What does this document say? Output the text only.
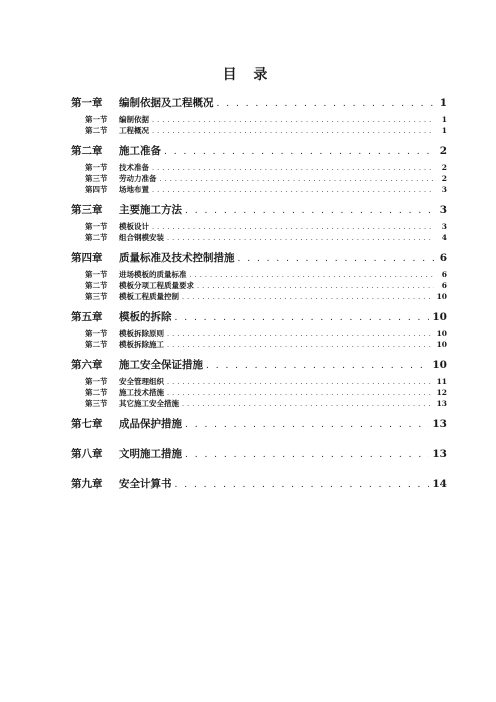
目 录
第一章	编制依据及工程概况 . . .	1
第一节	编制依据 . . .	1
第二节	工程概况 . . .	1
第二章	施工准备 . . .	2
第一节	技术准备 . . .	2
第三节	劳动力准备 . . .	2
第四节	场地布置 . . .	3
第三章	主要施工方法 . . .	3
第一节	模板设计 . . .	3
第二节	组合钢模安装 . . .	4
第四章	质量标准及技术控制措施 . . .	6
第一节	进场模板的质量标准 . . .	6
第二节	模板分项工程质量要求 . . .	6
第三节	模板工程质量控制 . . .	10
第五章	模板的拆除 . . .	10
第一节	模板拆除原则 . . .	10
第二节	模板拆除施工 . . .	10
第六章	施工安全保证措施 . . .	10
第一节	安全管理组织 . . .	11
第二节	施工技术措施 . . .	12
第三节	其它施工安全措施 . . .	13
第七章	成品保护措施 . . .	13
第八章	文明施工措施 . . .	13
第九章	安全计算书 . . .	14
